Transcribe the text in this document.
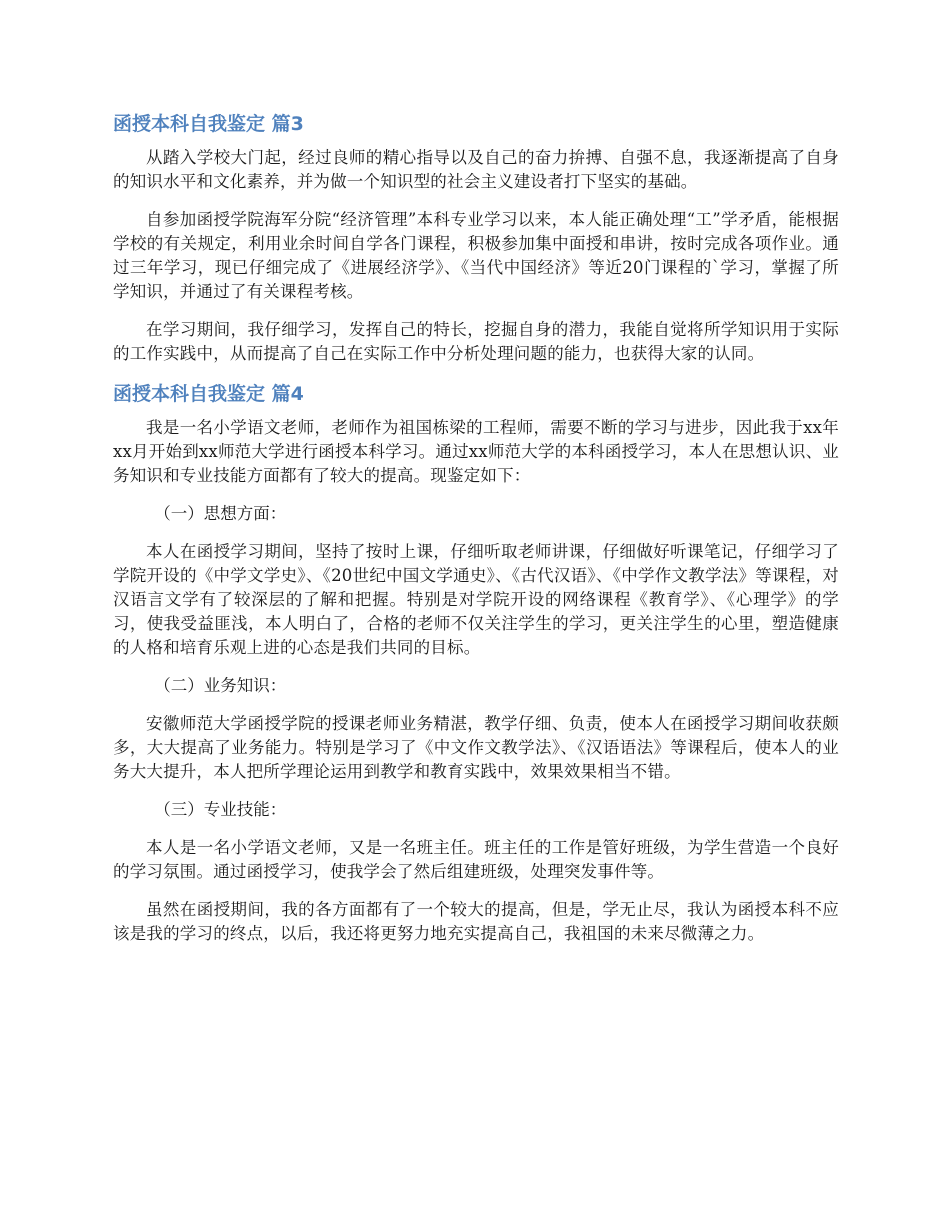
函授本科自我鉴定 篇3

从踏入学校大门起，经过良师的精心指导以及自己的奋力拚搏、自强不息，我逐渐提高了自身的知识水平和文化素养，并为做一个知识型的社会主义建设者打下坚实的基础。

自参加函授学院海军分院“经济管理”本科专业学习以来，本人能正确处理“工”学矛盾，能根据学校的有关规定，利用业余时间自学各门课程，积极参加集中面授和串讲，按时完成各项作业。通过三年学习，现已仔细完成了《进展经济学》、《当代中国经济》等近20门课程的`学习，掌握了所学知识，并通过了有关课程考核。

在学习期间，我仔细学习，发挥自己的特长，挖掘自身的潜力，我能自觉将所学知识用于实际的工作实践中，从而提高了自己在实际工作中分析处理问题的能力，也获得大家的认同。

函授本科自我鉴定 篇4

我是一名小学语文老师，老师作为祖国栋梁的工程师，需要不断的学习与进步，因此我于xx年xx月开始到xx师范大学进行函授本科学习。通过xx师范大学的本科函授学习，本人在思想认识、业务知识和专业技能方面都有了较大的提高。现鉴定如下：

（一）思想方面：

本人在函授学习期间，坚持了按时上课，仔细听取老师讲课，仔细做好听课笔记，仔细学习了学院开设的《中学文学史》、《20世纪中国文学通史》、《古代汉语》、《中学作文教学法》等课程，对汉语言文学有了较深层的了解和把握。特别是对学院开设的网络课程《教育学》、《心理学》的学习，使我受益匪浅，本人明白了，合格的老师不仅关注学生的学习，更关注学生的心里，塑造健康的人格和培育乐观上进的心态是我们共同的目标。

（二）业务知识：

安徽师范大学函授学院的授课老师业务精湛，教学仔细、负责，使本人在函授学习期间收获颇多，大大提高了业务能力。特别是学习了《中文作文教学法》、《汉语语法》等课程后，使本人的业务大大提升，本人把所学理论运用到教学和教育实践中，效果效果相当不错。

（三）专业技能：

本人是一名小学语文老师，又是一名班主任。班主任的工作是管好班级，为学生营造一个良好的学习氛围。通过函授学习，使我学会了然后组建班级，处理突发事件等。

虽然在函授期间，我的各方面都有了一个较大的提高，但是，学无止尽，我认为函授本科不应该是我的学习的终点，以后，我还将更努力地充实提高自己，我祖国的未来尽微薄之力。
